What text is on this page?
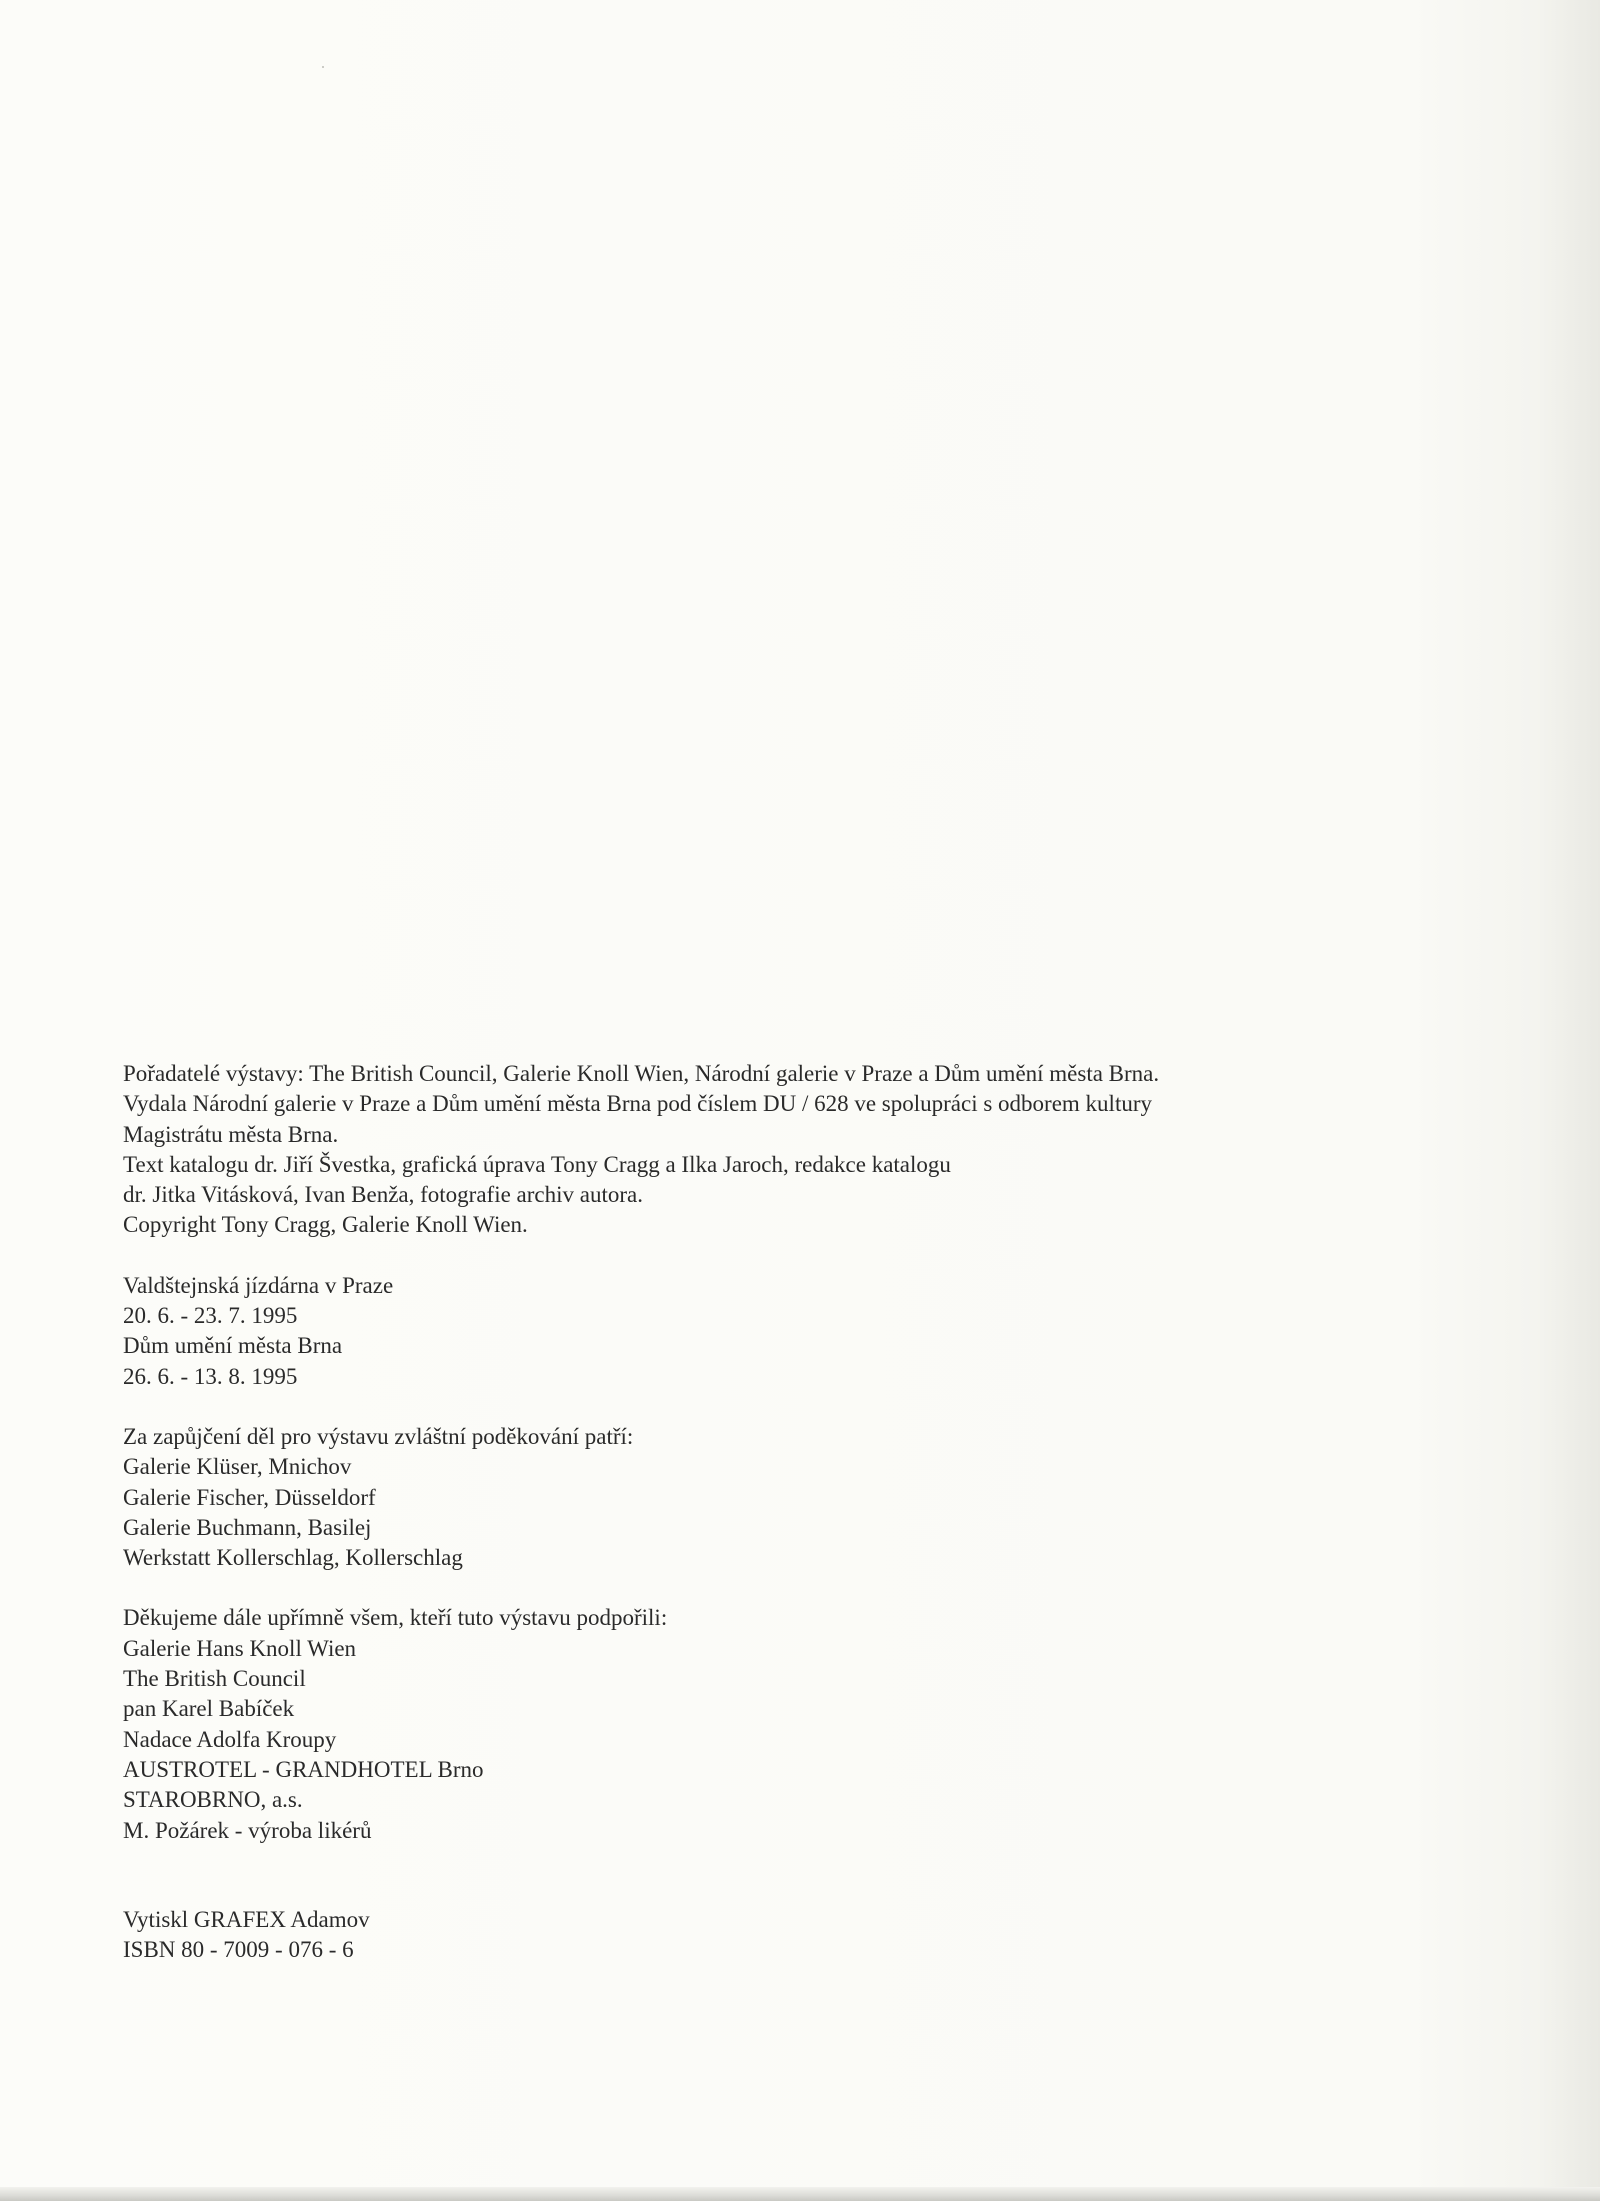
Pořadatelé výstavy: The British Council, Galerie Knoll Wien, Národní galerie v Praze a Dům umění města Brna.
Vydala Národní galerie v Praze a Dům umění města Brna pod číslem DU / 628 ve spolupráci s odborem kultury
Magistrátu města Brna.
Text katalogu dr. Jiří Švestka, grafická úprava Tony Cragg a Ilka Jaroch, redakce katalogu
dr. Jitka Vitásková, Ivan Benža, fotografie archiv autora.
Copyright Tony Cragg, Galerie Knoll Wien.
Valdštejnská jízdárna v Praze
20. 6. - 23. 7. 1995
Dům umění města Brna
26. 6. - 13. 8. 1995
Za zapůjčení děl pro výstavu zvláštní poděkování patří:
Galerie Klüser, Mnichov
Galerie Fischer, Düsseldorf
Galerie Buchmann, Basilej
Werkstatt Kollerschlag, Kollerschlag
Děkujeme dále upřímně všem, kteří tuto výstavu podpořili:
Galerie Hans Knoll Wien
The British Council
pan Karel Babíček
Nadace Adolfa Kroupy
AUSTROTEL - GRANDHOTEL Brno
STAROBRNO, a.s.
M. Požárek - výroba likérů
Vytiskl GRAFEX Adamov
ISBN 80 - 7009 - 076 - 6
